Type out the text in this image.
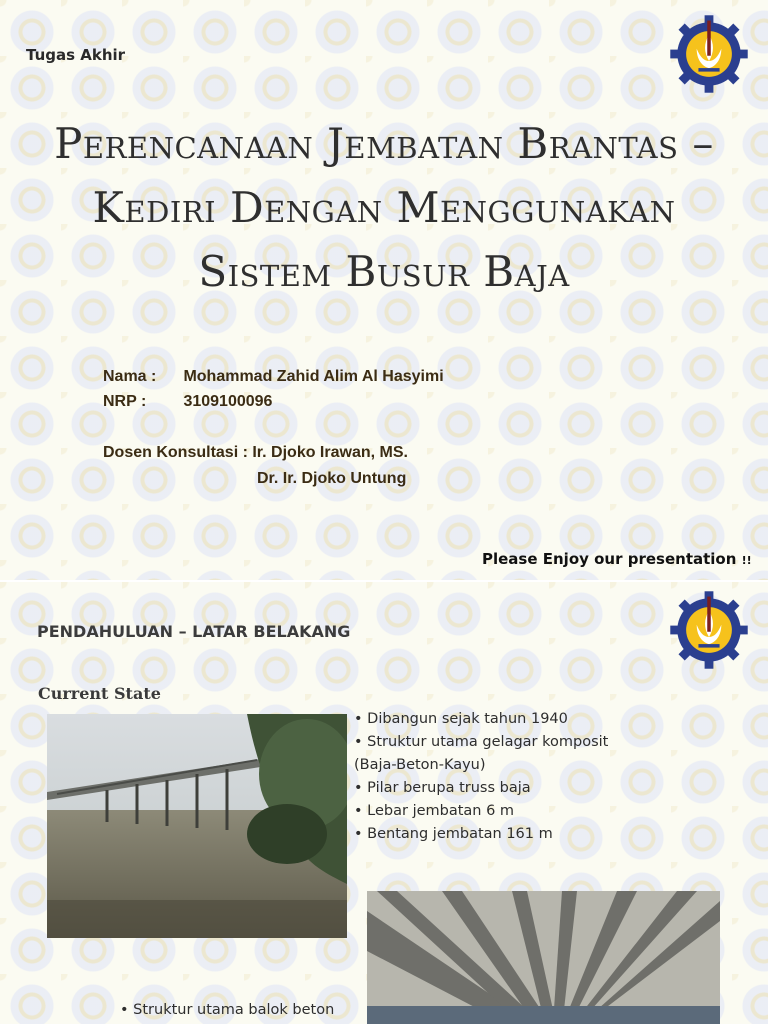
Tugas Akhir
Perencanaan Jembatan Brantas –
Kediri Dengan Menggunakan
Sistem Busur Baja
Nama : Mohammad Zahid Alim Al Hasyimi
NRP : 3109100096
Dosen Konsultasi : Ir. Djoko Irawan, MS.
Dr. Ir. Djoko Untung
Please Enjoy our presentation !!
PENDAHULUAN – LATAR BELAKANG
Current State
• Dibangun sejak tahun 1940
• Struktur utama gelagar komposit
(Baja-Beton-Kayu)
• Pilar berupa truss baja
• Lebar jembatan 6 m
• Bentang jembatan 161 m
• Struktur utama balok beton
